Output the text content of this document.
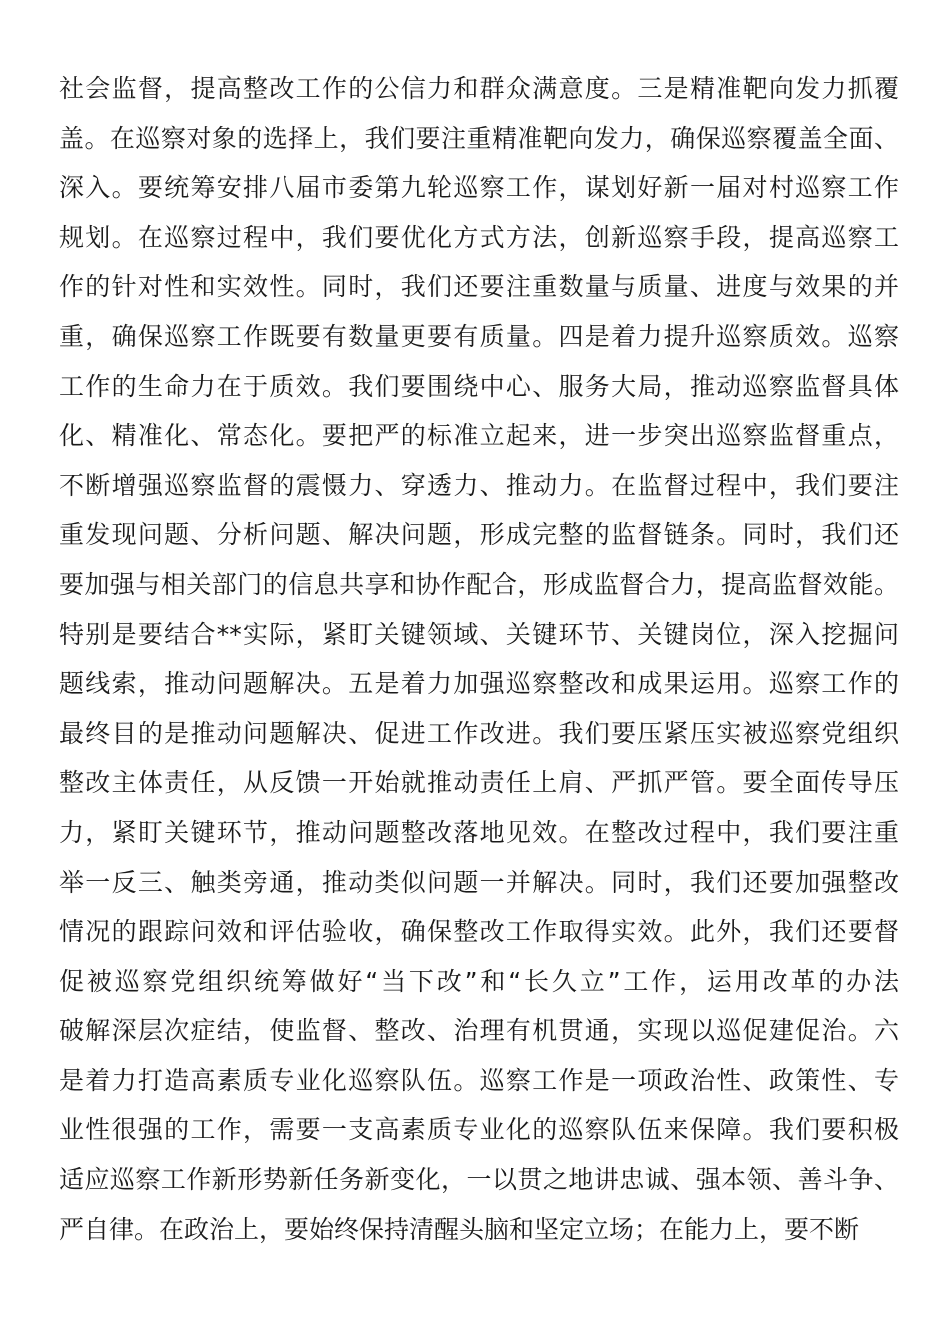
社会监督，提高整改工作的公信力和群众满意度。三是精准靶向发力抓覆
盖。在巡察对象的选择上，我们要注重精准靶向发力，确保巡察覆盖全面、
深入。要统筹安排八届市委第九轮巡察工作，谋划好新一届对村巡察工作
规划。在巡察过程中，我们要优化方式方法，创新巡察手段，提高巡察工
作的针对性和实效性。同时，我们还要注重数量与质量、进度与效果的并
重，确保巡察工作既要有数量更要有质量。四是着力提升巡察质效。巡察
工作的生命力在于质效。我们要围绕中心、服务大局，推动巡察监督具体
化、精准化、常态化。要把严的标准立起来，进一步突出巡察监督重点，
不断增强巡察监督的震慑力、穿透力、推动力。在监督过程中，我们要注
重发现问题、分析问题、解决问题，形成完整的监督链条。同时，我们还
要加强与相关部门的信息共享和协作配合，形成监督合力，提高监督效能。
特别是要结合**实际，紧盯关键领域、关键环节、关键岗位，深入挖掘问
题线索，推动问题解决。五是着力加强巡察整改和成果运用。巡察工作的
最终目的是推动问题解决、促进工作改进。我们要压紧压实被巡察党组织
整改主体责任，从反馈一开始就推动责任上肩、严抓严管。要全面传导压
力，紧盯关键环节，推动问题整改落地见效。在整改过程中，我们要注重
举一反三、触类旁通，推动类似问题一并解决。同时，我们还要加强整改
情况的跟踪问效和评估验收，确保整改工作取得实效。此外，我们还要督
促被巡察党组织统筹做好“当下改”和“长久立”工作，运用改革的办法
破解深层次症结，使监督、整改、治理有机贯通，实现以巡促建促治。六
是着力打造高素质专业化巡察队伍。巡察工作是一项政治性、政策性、专
业性很强的工作，需要一支高素质专业化的巡察队伍来保障。我们要积极
适应巡察工作新形势新任务新变化，一以贯之地讲忠诚、强本领、善斗争、
严自律。在政治上，要始终保持清醒头脑和坚定立场；在能力上，要不断
